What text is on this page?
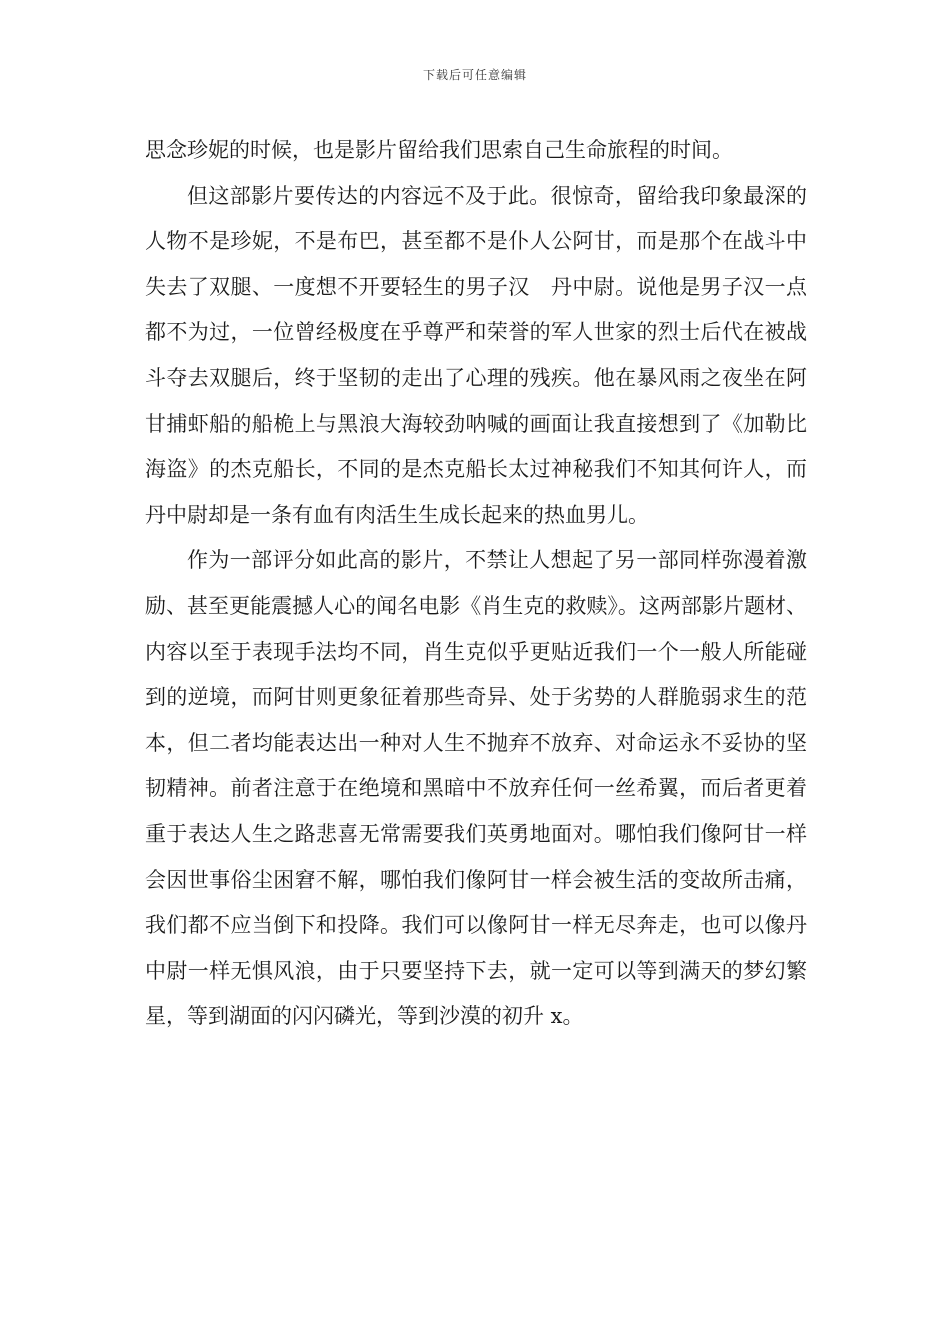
下载后可任意编辑

思念珍妮的时候，也是影片留给我们思索自己生命旅程的时间。

但这部影片要传达的内容远不及于此。很惊奇，留给我印象最深的人物不是珍妮，不是布巴，甚至都不是仆人公阿甘，而是那个在战斗中失去了双腿、一度想不开要轻生的男子汉　丹中尉。说他是男子汉一点都不为过，一位曾经极度在乎尊严和荣誉的军人世家的烈士后代在被战斗夺去双腿后，终于坚韧的走出了心理的残疾。他在暴风雨之夜坐在阿甘捕虾船的船桅上与黑浪大海较劲呐喊的画面让我直接想到了《加勒比海盗》的杰克船长，不同的是杰克船长太过神秘我们不知其何许人，而丹中尉却是一条有血有肉活生生成长起来的热血男儿。

作为一部评分如此高的影片，不禁让人想起了另一部同样弥漫着激励、甚至更能震撼人心的闻名电影《肖生克的救赎》。这两部影片题材、内容以至于表现手法均不同，肖生克似乎更贴近我们一个一般人所能碰到的逆境，而阿甘则更象征着那些奇异、处于劣势的人群脆弱求生的范本，但二者均能表达出一种对人生不抛弃不放弃、对命运永不妥协的坚韧精神。前者注意于在绝境和黑暗中不放弃任何一丝希翼，而后者更着重于表达人生之路悲喜无常需要我们英勇地面对。哪怕我们像阿甘一样会因世事俗尘困窘不解，哪怕我们像阿甘一样会被生活的变故所击痛，我们都不应当倒下和投降。我们可以像阿甘一样无尽奔走，也可以像丹中尉一样无惧风浪，由于只要坚持下去，就一定可以等到满天的梦幻繁星，等到湖面的闪闪磷光，等到沙漠的初升 x。
